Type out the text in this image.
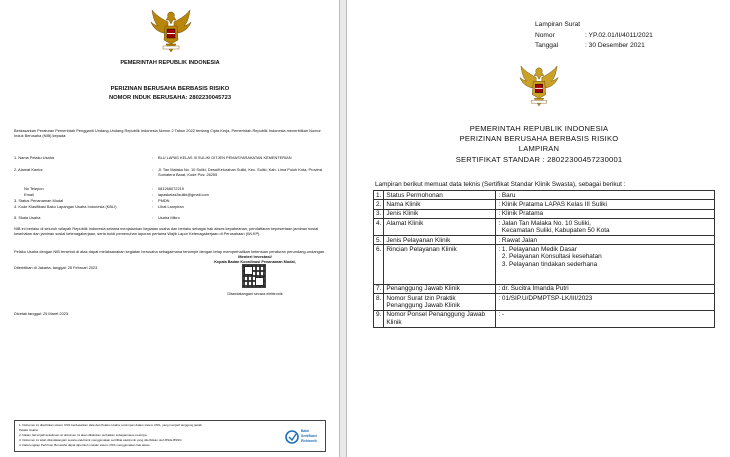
PEMERINTAH REPUBLIK INDONESIA
PERIZINAN BERUSAHA BERBASIS RISIKO
NOMOR INDUK BERUSAHA: 2802230045723
Berdasarkan Peraturan Pemerintah Pengganti Undang-Undang Republik Indonesia Nomor 2 Tahun 2022 tentang Cipta Kerja, Pemerintah Republik Indonesia menerbitkan Nomor Induk Berusaha (NIB) kepada:
1. Nama Pelaku Usaha	: BLU LAPAS KELAS III SULIKI DITJEN PEMASYARAKATAN KEMENTERIAN
2. Alamat Kantor	: Jl. Tan Malaka No. 10 Suliki, Desa/Kelurahan Suliki, Kec. Suliki, Kab. Lima Puluh Kota, Provinsi Sumatera Barat, Kode Pos: 26255
No Telepon	: 081266072219
Email	: lapaskelas3suliki@gmail.com
3. Status Penanaman Modal	: PMDN
4. Kode Klasifikasi Baku Lapangan Usaha Indonesia (KBLI)	: Lihat Lampiran
5. Skala Usaha	: Usaha Mikro
NIB ini berlaku di seluruh wilayah Republik Indonesia selama menjalankan kegiatan usaha dan berlaku sebagai hak akses kepabeanan, pendaftaran kepesertaan jaminan sosial kesehatan dan jaminan sosial ketenagakerjaan, serta bukti pemenuhan laporan pertama Wajib Lapor Ketenagakerjaan di Perusahaan (WLKP).
Pelaku Usaha dengan NIB tersebut di atas dapat melaksanakan kegiatan berusaha sebagaimana terlampir dengan tetap memperhatikan ketentuan peraturan perundang-undangan.
Diterbitkan di Jakarta, tanggal: 28 Februari 2023
Menteri Investasi/
Kepala Badan Koordinasi Penanaman Modal,
Ditandatangani secara elektronik
Dicetak tanggal: 29 Maret 2023
1. Dokumen ini diterbitkan sistem OSS berdasarkan data dari Pelaku Usaha, tersimpan dalam sistem OSS, yang menjadi tanggung jawab
Pelaku Usaha.
2. Dalam hal terjadi kekeliruan isi dokumen ini akan dilakukan perbaikan sebagaimana mestinya.
3. Dokumen ini telah ditandatangani secara elektronik menggunakan sertifikat elektronik yang diterbitkan oleh BSrE-BSSN.
4. Data lengkap Perizinan Berusaha dapat diperoleh melalui sistem OSS menggunakan hak akses.
Balai
Sertifikasi
Elektronik
Lampiran Surat
Nomor	: YP.02.01/II/4011/2021
Tanggal	: 30 Desember 2021
PEMERINTAH REPUBLIK INDONESIA
PERIZINAN BERUSAHA BERBASIS RISIKO
LAMPIRAN
SERTIFIKAT STANDAR : 2802230045723000​1
Lampiran berikut memuat data teknis (Sertifikat Standar Klinik Swasta), sebagai berikut :
1.	Status Permohonan	: Baru
2.	Nama Klinik	: Klinik Pratama LAPAS Kelas III Suliki
3.	Jenis Klinik	: Klinik Pratama
4.	Alamat Klinik	: Jalan Tan Malaka No. 10 Suliki,
Kecamatan Suliki, Kabupaten 50 Kota

5.	Jenis Pelayanan Klinik	: Rawat Jalan
6.	Rincian Pelayanan Klinik	: 1. Pelayanan Medik Dasar
2. Pelayanan Konsultasi kesehatan
3. Pelayanan tindakan sederhana

7.	Penanggung Jawab Klinik	: dr. Sucitra Imanda Putri
8.	Nomor Surat Izin Praktik Penanggung Jawab Klinik	: 01/SIP.U/DPMPTSP-LK/III/2023
9.	Nomor Ponsel Penanggung Jawab Klinik	: -
